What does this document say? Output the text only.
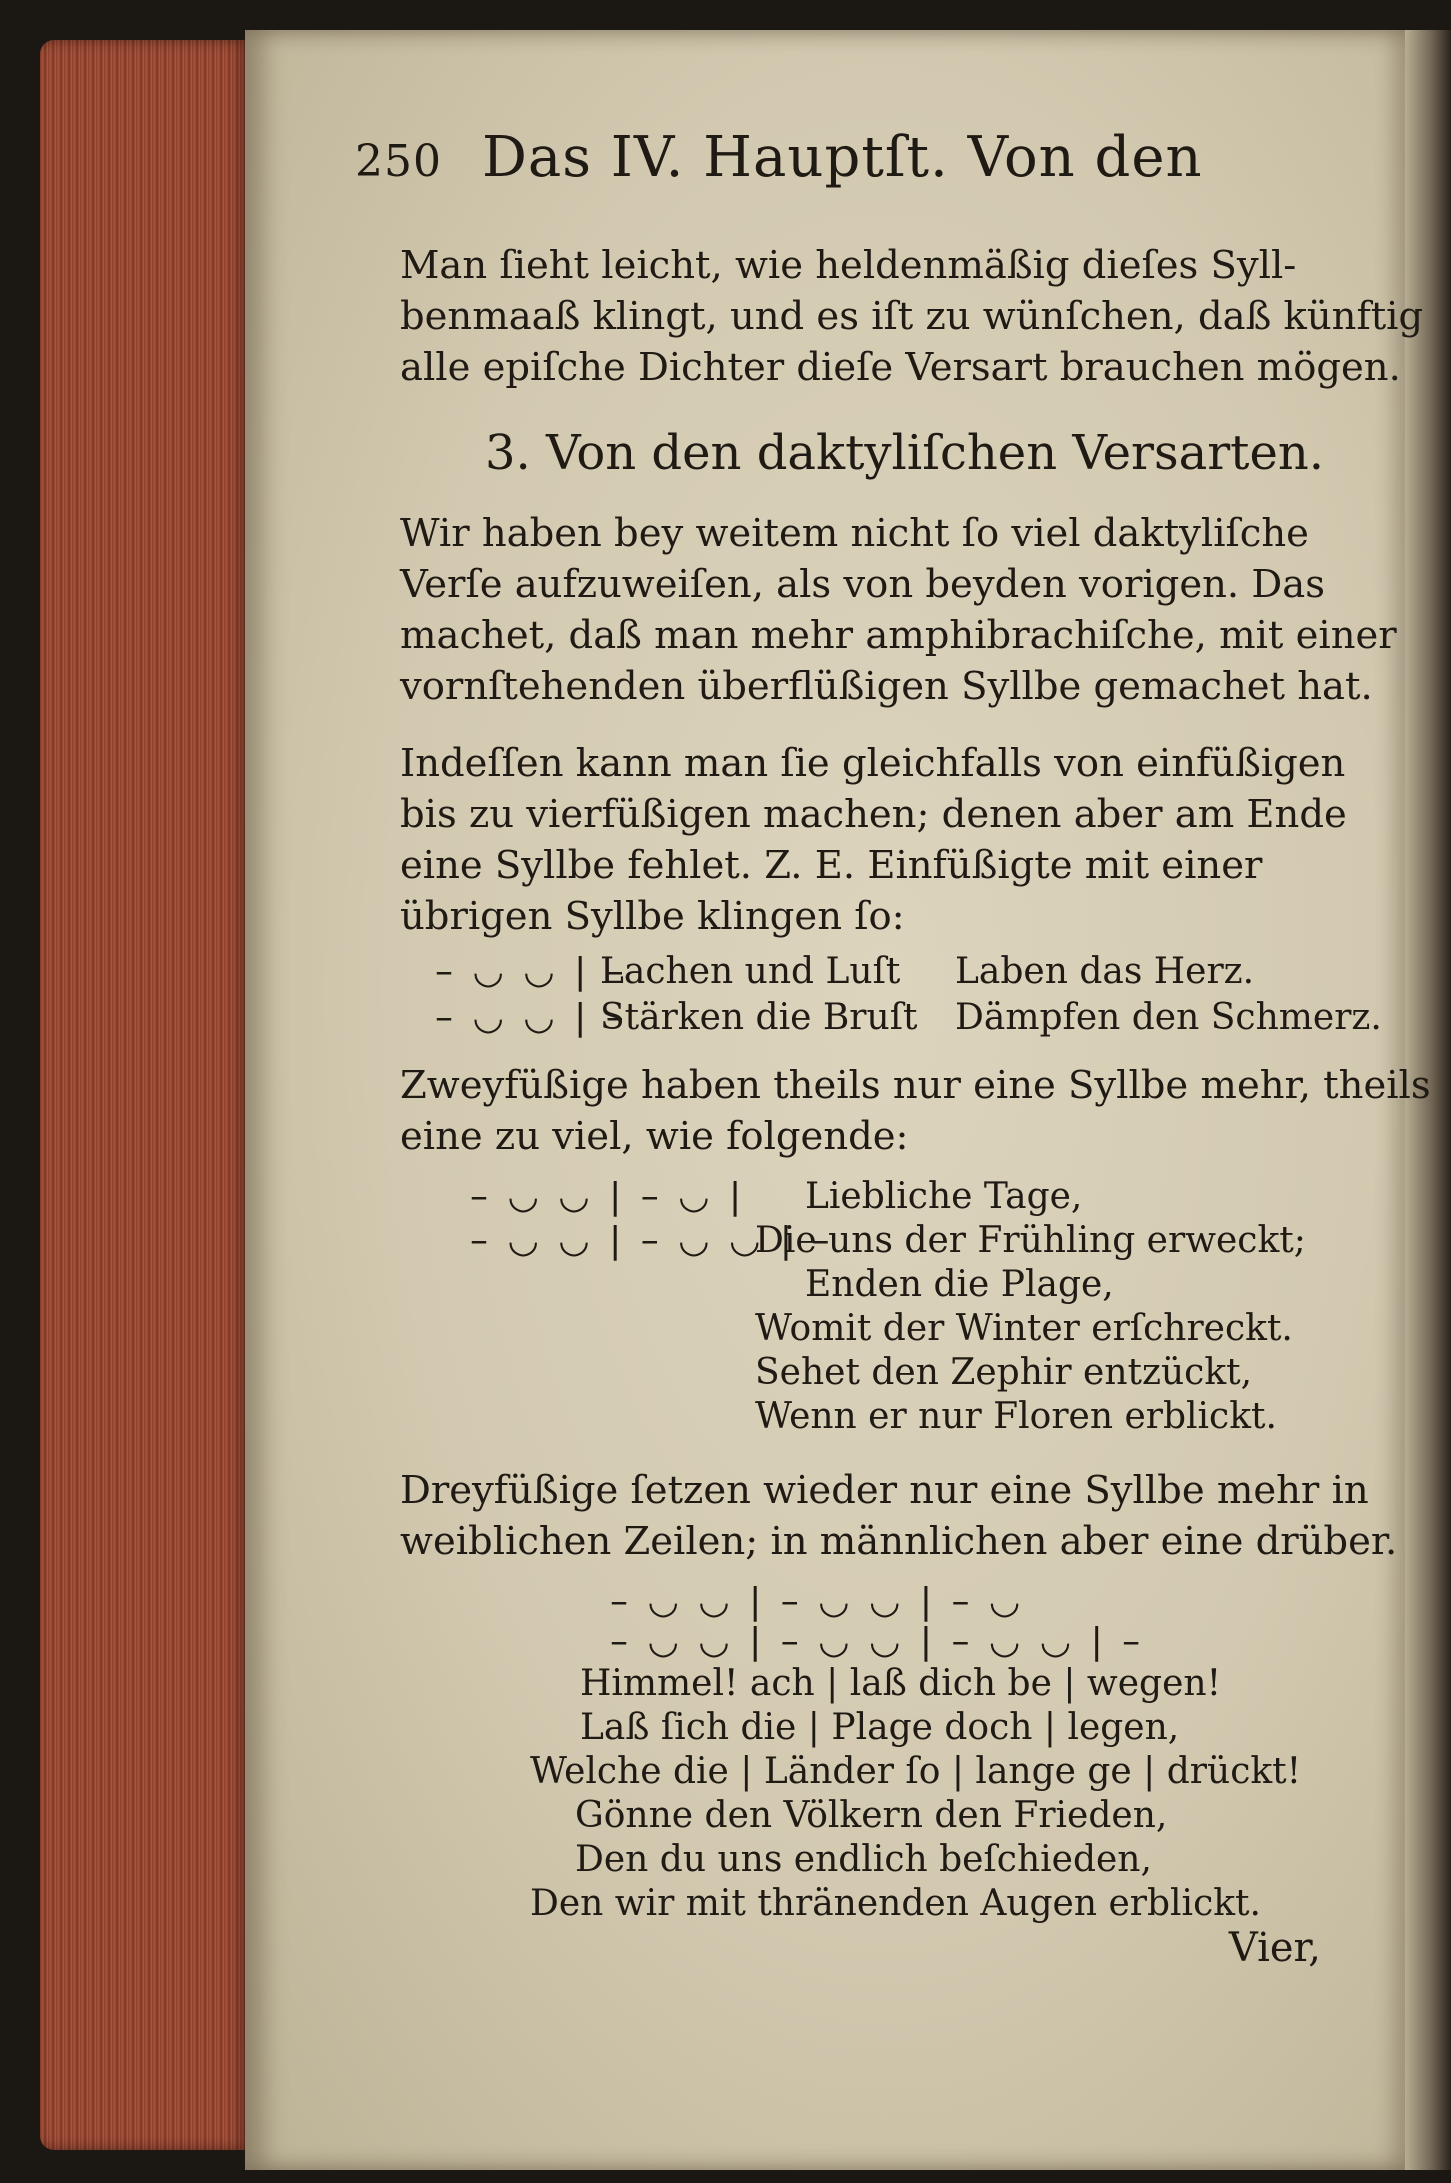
250 Das IV. Hauptſt. Von den
Man ſieht leicht, wie heldenmäßig dieſes Syll-
benmaaß klingt, und es iſt zu wünſchen, daß künftig
alle epiſche Dichter dieſe Versart brauchen mögen.
3. Von den daktyliſchen Versarten.
Wir haben bey weitem nicht ſo viel daktyliſche
Verſe aufzuweiſen, als von beyden vorigen. Das
machet, daß man mehr amphibrachiſche, mit einer
vornſtehenden überflüßigen Syllbe gemachet hat.
Indeſſen kann man ſie gleichfalls von einfüßigen
bis zu vierfüßigen machen; denen aber am Ende
eine Syllbe fehlet. Z. E. Einfüßigte mit einer
übrigen Syllbe klingen ſo:
– ◡ ◡ | –
Lachen und Luſt Laben das Herz.
– ◡ ◡ | –
Stärken die Bruſt Dämpfen den Schmerz.
Zweyfüßige haben theils nur eine Syllbe mehr, theils
eine zu viel, wie folgende:
– ◡ ◡ | – ◡ |
– ◡ ◡ | – ◡ ◡ | –
Liebliche Tage,
Die uns der Frühling erweckt;
Enden die Plage,
Womit der Winter erſchreckt.
Sehet den Zephir entzückt,
Wenn er nur Floren erblickt.
Dreyfüßige ſetzen wieder nur eine Syllbe mehr in
weiblichen Zeilen; in männlichen aber eine drüber.
– ◡ ◡ | – ◡ ◡ | – ◡
– ◡ ◡ | – ◡ ◡ | – ◡ ◡ | –
Himmel! ach | laß dich be | wegen!
Laß ſich die | Plage doch | legen,
Welche die | Länder ſo | lange ge | drückt!
Gönne den Völkern den Frieden,
Den du uns endlich beſchieden,
Den wir mit thränenden Augen erblickt.
Vier,
